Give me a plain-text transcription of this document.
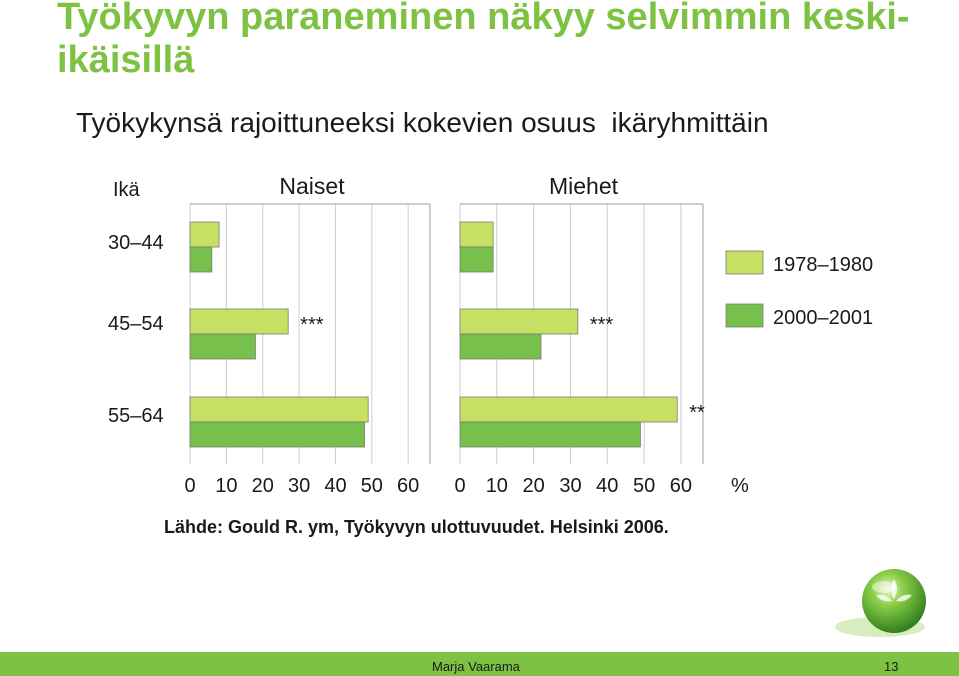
Työkyvyn paraneminen näkyy selvimmin keski-ikäisillä
Työkykynsä rajoittuneeksi kokevien osuus  ikäryhmittäin
Ikä
30–44
45–54
55–64
Naiset
0 10 20 30 40 50 60
***
Miehet
0 10 20 30 40 50 60
***
**
%
1978–1980
2000–2001
Lähde: Gould R. ym, Työkyvyn ulottuvuudet. Helsinki 2006.
Marja Vaarama	13
